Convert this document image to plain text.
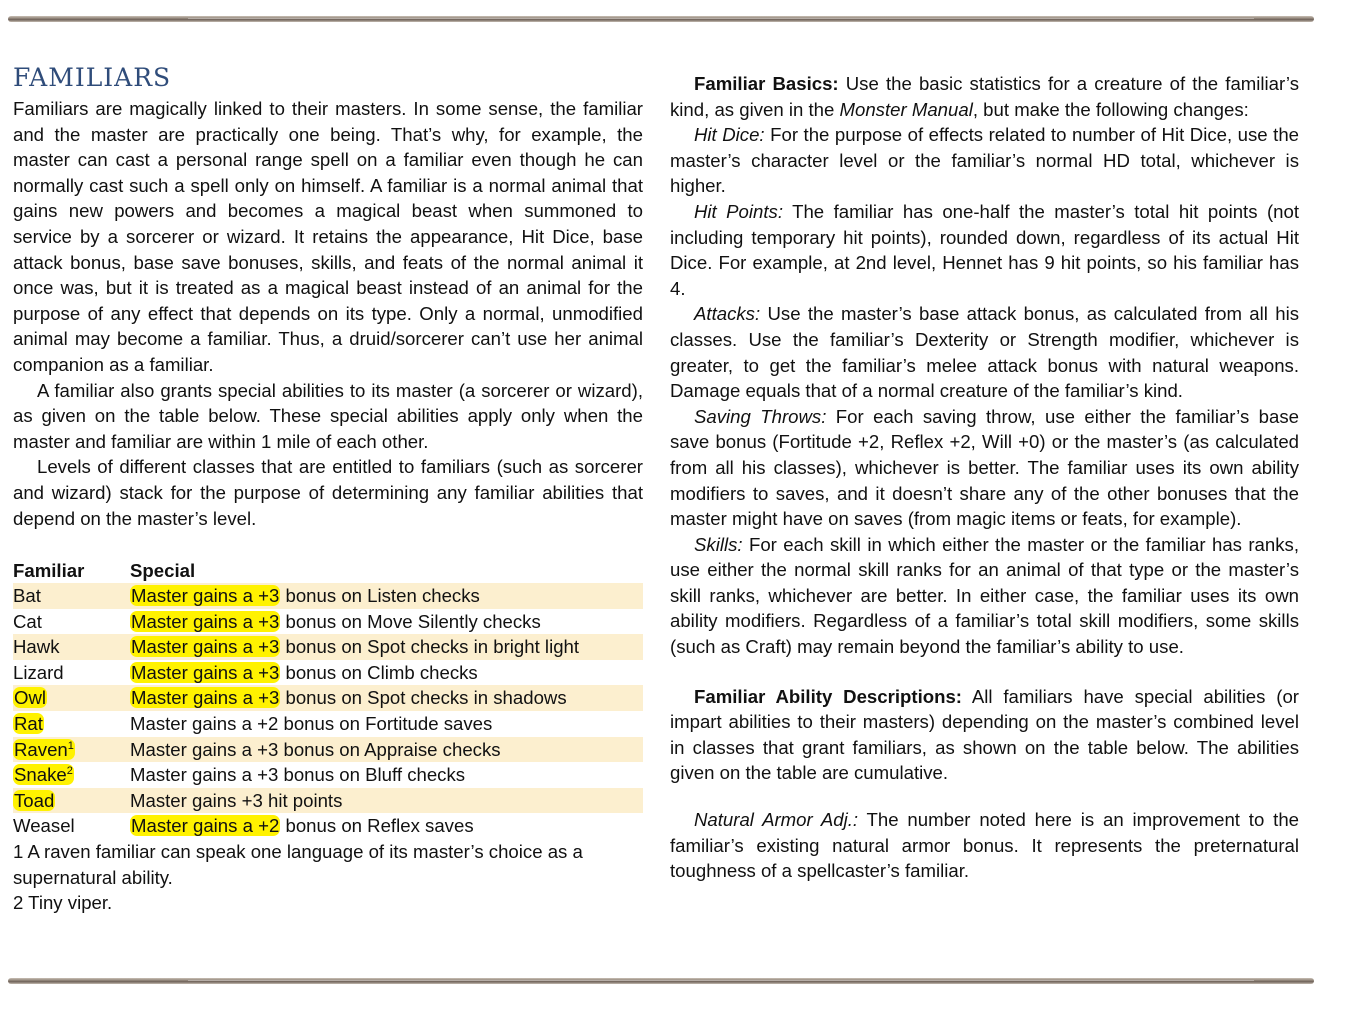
FAMILIARS

Familiars are magically linked to their masters. In some sense, the familiar and the master are practically one being. That’s why, for example, the master can cast a personal range spell on a familiar even though he can normally cast such a spell only on himself. A familiar is a normal animal that gains new powers and becomes a magical beast when summoned to service by a sorcerer or wizard. It retains the appearance, Hit Dice, base attack bonus, base save bonuses, skills, and feats of the normal animal it once was, but it is treated as a magical beast instead of an animal for the purpose of any effect that depends on its type. Only a normal, unmodified animal may become a familiar. Thus, a druid/sorcerer can’t use her animal companion as a familiar.

A familiar also grants special abilities to its master (a sorcerer or wizard), as given on the table below. These special abilities apply only when the master and familiar are within 1 mile of each other.

Levels of different classes that are entitled to familiars (such as sorcerer and wizard) stack for the purpose of determining any familiar abilities that depend on the master’s level.

Familiar	Special
Bat	Master gains a +3 bonus on Listen checks
Cat	Master gains a +3 bonus on Move Silently checks
Hawk	Master gains a +3 bonus on Spot checks in bright light
Lizard	Master gains a +3 bonus on Climb checks
Owl	Master gains a +3 bonus on Spot checks in shadows
Rat	Master gains a +2 bonus on Fortitude saves
Raven$^1$	Master gains a +3 bonus on Appraise checks
Snake$^2$	Master gains a +3 bonus on Bluff checks
Toad	Master gains +3 hit points
Weasel	Master gains a +2 bonus on Reflex saves

1 A raven familiar can speak one language of its master’s choice as a supernatural ability.

2 Tiny viper.

Familiar Basics: Use the basic statistics for a creature of the familiar’s kind, as given in the Monster Manual, but make the following changes:

Hit Dice: For the purpose of effects related to number of Hit Dice, use the master’s character level or the familiar’s normal HD total, whichever is higher.

Hit Points: The familiar has one-half the master’s total hit points (not including temporary hit points), rounded down, regardless of its actual Hit Dice. For example, at 2nd level, Hennet has 9 hit points, so his familiar has 4.

Attacks: Use the master’s base attack bonus, as calculated from all his classes. Use the familiar’s Dexterity or Strength modifier, whichever is greater, to get the familiar’s melee attack bonus with natural weapons. Damage equals that of a normal creature of the familiar’s kind.

Saving Throws: For each saving throw, use either the familiar’s base save bonus (Fortitude +2, Reflex +2, Will +0) or the master’s (as calculated from all his classes), whichever is better. The familiar uses its own ability modifiers to saves, and it doesn’t share any of the other bonuses that the master might have on saves (from magic items or feats, for example).

Skills: For each skill in which either the master or the familiar has ranks, use either the normal skill ranks for an animal of that type or the master’s skill ranks, whichever are better. In either case, the familiar uses its own ability modifiers. Regardless of a familiar’s total skill modifiers, some skills (such as Craft) may remain beyond the familiar’s ability to use.

Familiar Ability Descriptions: All familiars have special abilities (or impart abilities to their masters) depending on the master’s combined level in classes that grant familiars, as shown on the table below. The abilities given on the table are cumulative.

Natural Armor Adj.: The number noted here is an improvement to the familiar’s existing natural armor bonus. It represents the preternatural toughness of a spellcaster’s familiar.
